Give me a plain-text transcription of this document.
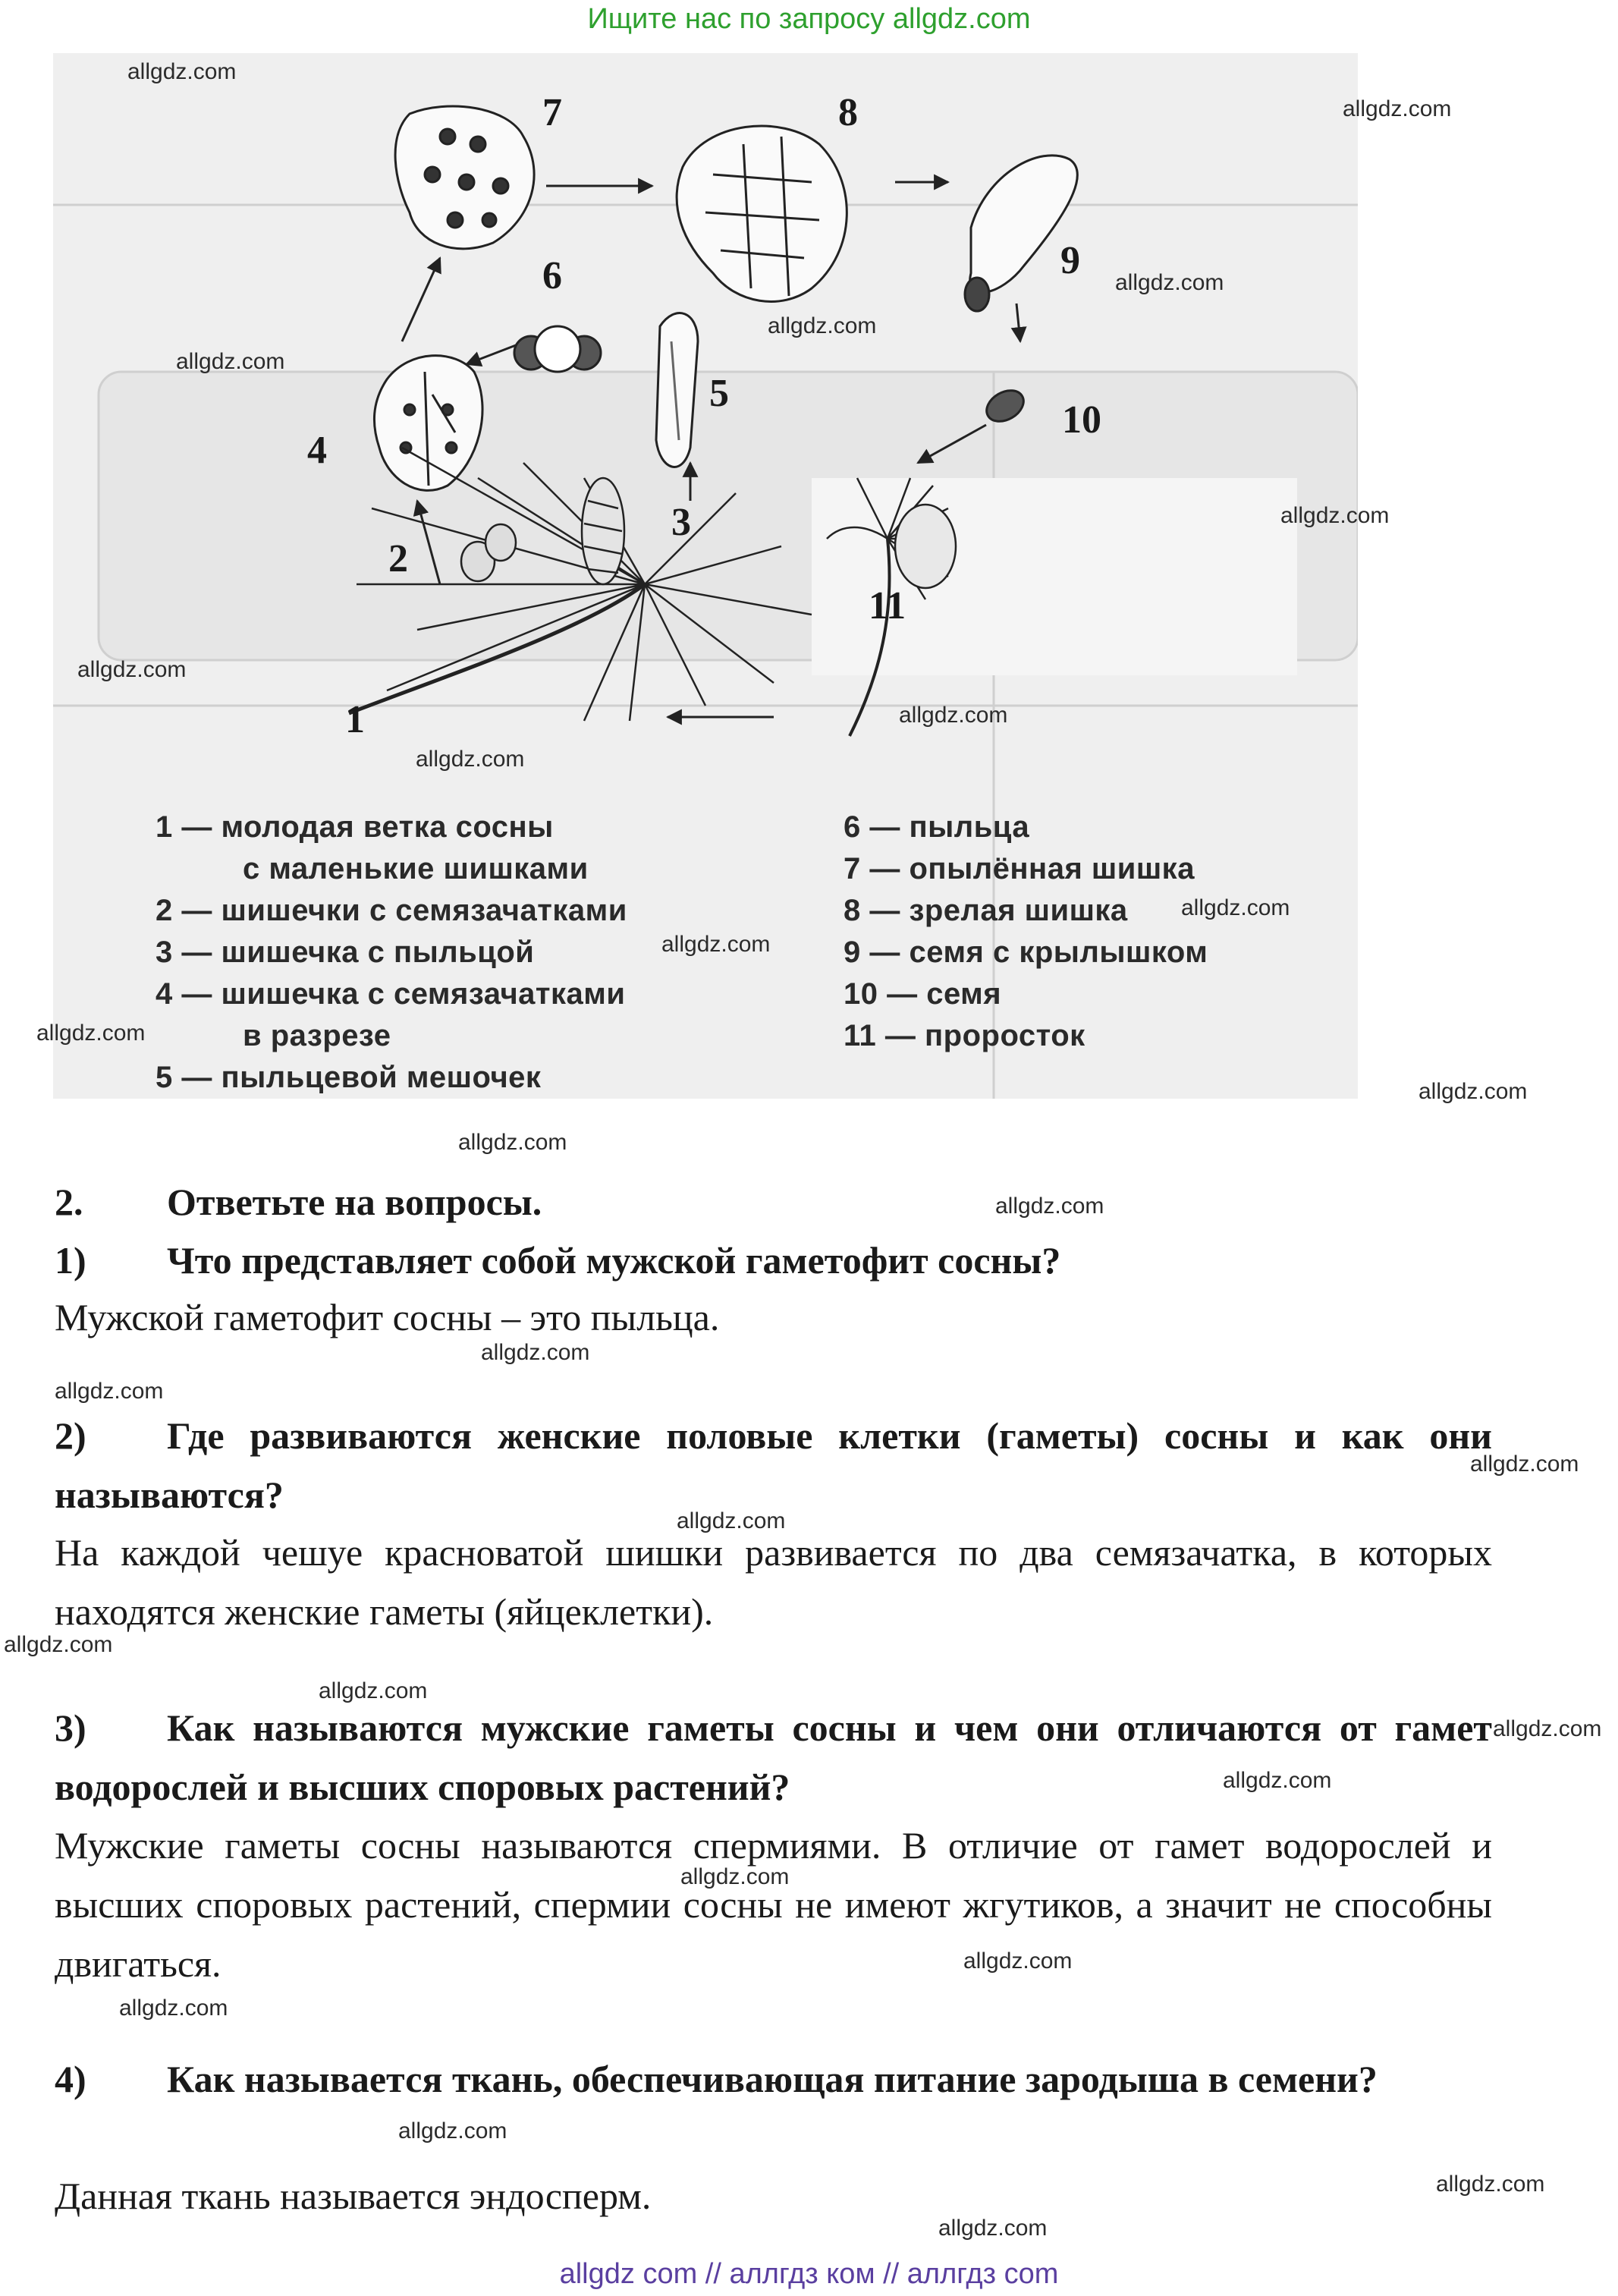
Ищите нас по запросу allgdz.com
7	8
9
6
5
10
4
3
2
11
1
1 — молодая ветка сосны
с маленькие шишками
2 — шишечки с семязачатками
3 — шишечка с пыльцой
4 — шишечка с семязачатками
в разрезе
5 — пыльцевой мешочек
6 — пыльца
7 — опылённая шишка
8 — зрелая шишка
9 — семя с крылышком
10 — семя
11 — проросток
2. Ответьте на вопросы.
1) Что представляет собой мужской гаметофит сосны?
Мужской гаметофит сосны – это пыльца.
2) Где развиваются женские половые клетки (гаметы) сосны и как они называются?
На каждой чешуе красноватой шишки развивается по два семязачатка, в которых находятся женские гаметы (яйцеклетки).
3) Как называются мужские гаметы сосны и чем они отличаются от гамет водорослей и высших споровых растений?
Мужские гаметы сосны называются спермиями. В отличие от гамет водорослей и высших споровых растений, спермии сосны не имеют жгутиков, а значит не способны двигаться.
4) Как называется ткань, обеспечивающая питание зародыша в семени?
Данная ткань называется эндосперм.
allgdz.com
allgdz.com
allgdz.com
allgdz.com
allgdz.com
allgdz.com
allgdz.com
allgdz.com
allgdz.com
allgdz.com
allgdz.com
allgdz.com
allgdz.com
allgdz.com
allgdz.com
allgdz.com
allgdz.com
allgdz.com
allgdz.com
allgdz.com
allgdz.com
allgdz.com
allgdz.com
allgdz.com
allgdz.com
allgdz.com
allgdz.com
allgdz.com
allgdz.com
allgdz com // аллгдз ком // аллгдз com
